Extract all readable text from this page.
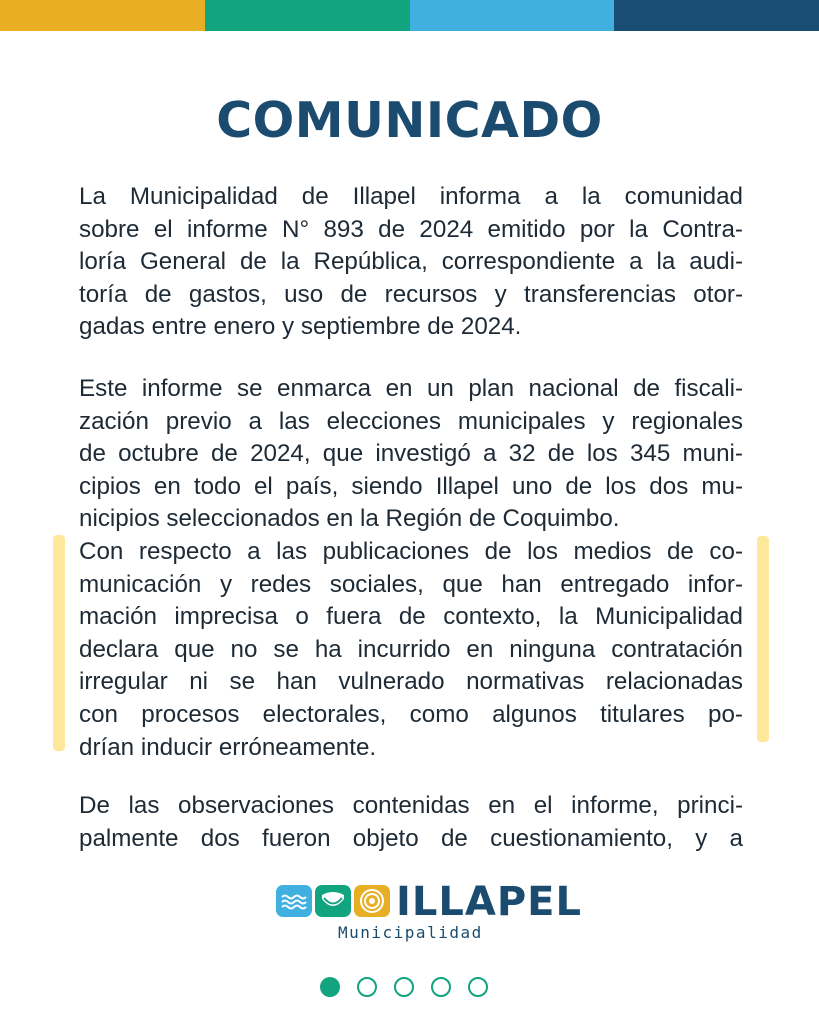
COMUNICADO
La Municipalidad de Illapel informa a la comunidad
sobre el informe N° 893 de 2024 emitido por la Contra-
loría General de la República, correspondiente a la audi-
toría de gastos, uso de recursos y transferencias otor-
gadas entre enero y septiembre de 2024.
Este informe se enmarca en un plan nacional de fiscali-
zación previo a las elecciones municipales y regionales
de octubre de 2024, que investigó a 32 de los 345 muni-
cipios en todo el país, siendo Illapel uno de los dos mu-
nicipios seleccionados en la Región de Coquimbo.
Con respecto a las publicaciones de los medios de co-
municación y redes sociales, que han entregado infor-
mación imprecisa o fuera de contexto, la Municipalidad
declara que no se ha incurrido en ninguna contratación
irregular ni se han vulnerado normativas relacionadas
con procesos electorales, como algunos titulares po-
drían inducir erróneamente.
De las observaciones contenidas en el informe, princi-
palmente dos fueron objeto de cuestionamiento, y a
ILLAPEL
Municipalidad
